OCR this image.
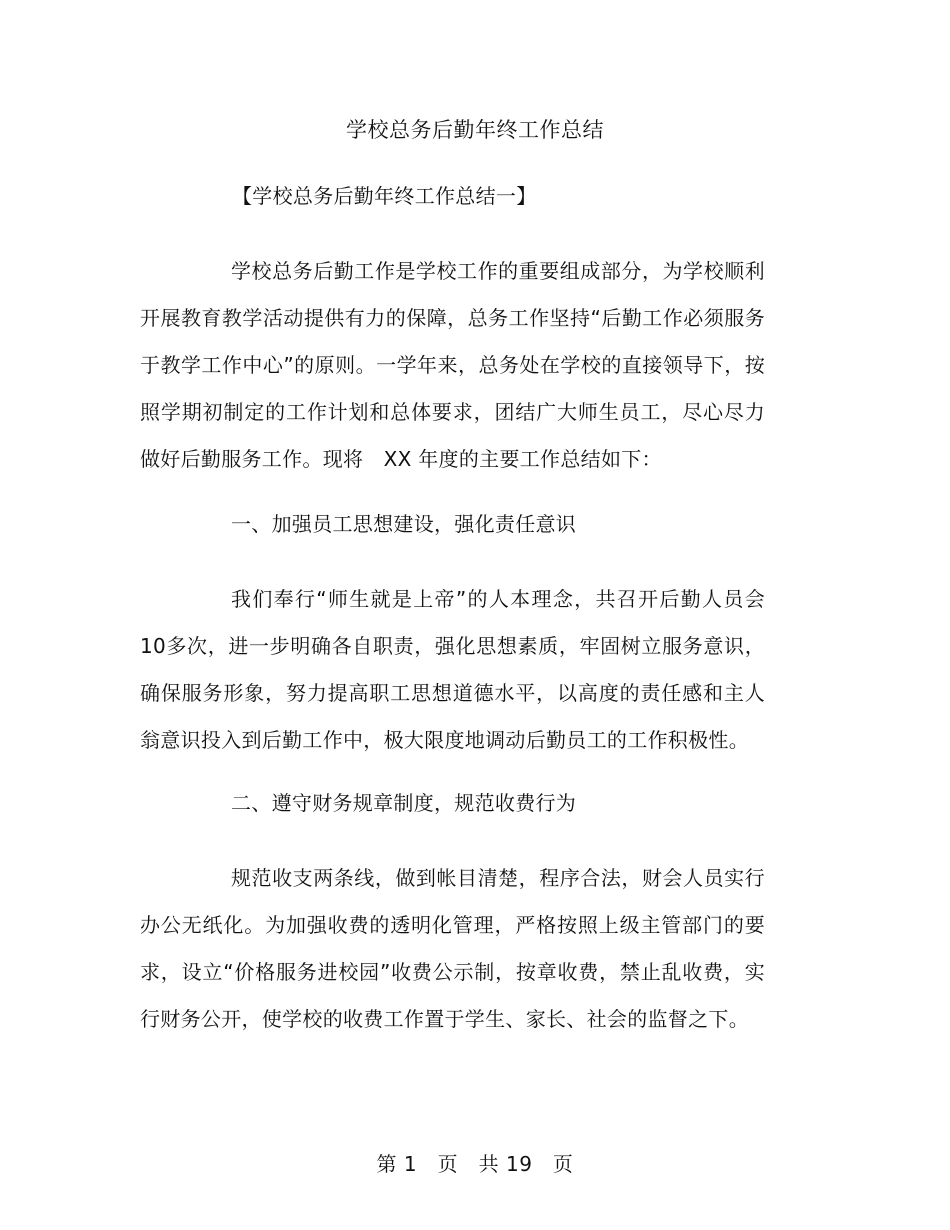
学校总务后勤年终工作总结
【学校总务后勤年终工作总结一】

学校总务后勤工作是学校工作的重要组成部分，为学校顺利开展教育教学活动提供有力的保障，总务工作坚持“后勤工作必须服务于教学工作中心”的原则。一学年来，总务处在学校的直接领导下，按照学期初制定的工作计划和总体要求，团结广大师生员工，尽心尽力做好后勤服务工作。现将　XX 年度的主要工作总结如下：

一、加强员工思想建设，强化责任意识

我们奉行“师生就是上帝”的人本理念，共召开后勤人员会10多次，进一步明确各自职责，强化思想素质，牢固树立服务意识，确保服务形象，努力提高职工思想道德水平，以高度的责任感和主人翁意识投入到后勤工作中，极大限度地调动后勤员工的工作积极性。

二、遵守财务规章制度，规范收费行为

规范收支两条线，做到帐目清楚，程序合法，财会人员实行办公无纸化。为加强收费的透明化管理，严格按照上级主管部门的要求，设立“价格服务进校园”收费公示制，按章收费，禁止乱收费，实行财务公开，使学校的收费工作置于学生、家长、社会的监督之下。

第 1　页　共 19　页
